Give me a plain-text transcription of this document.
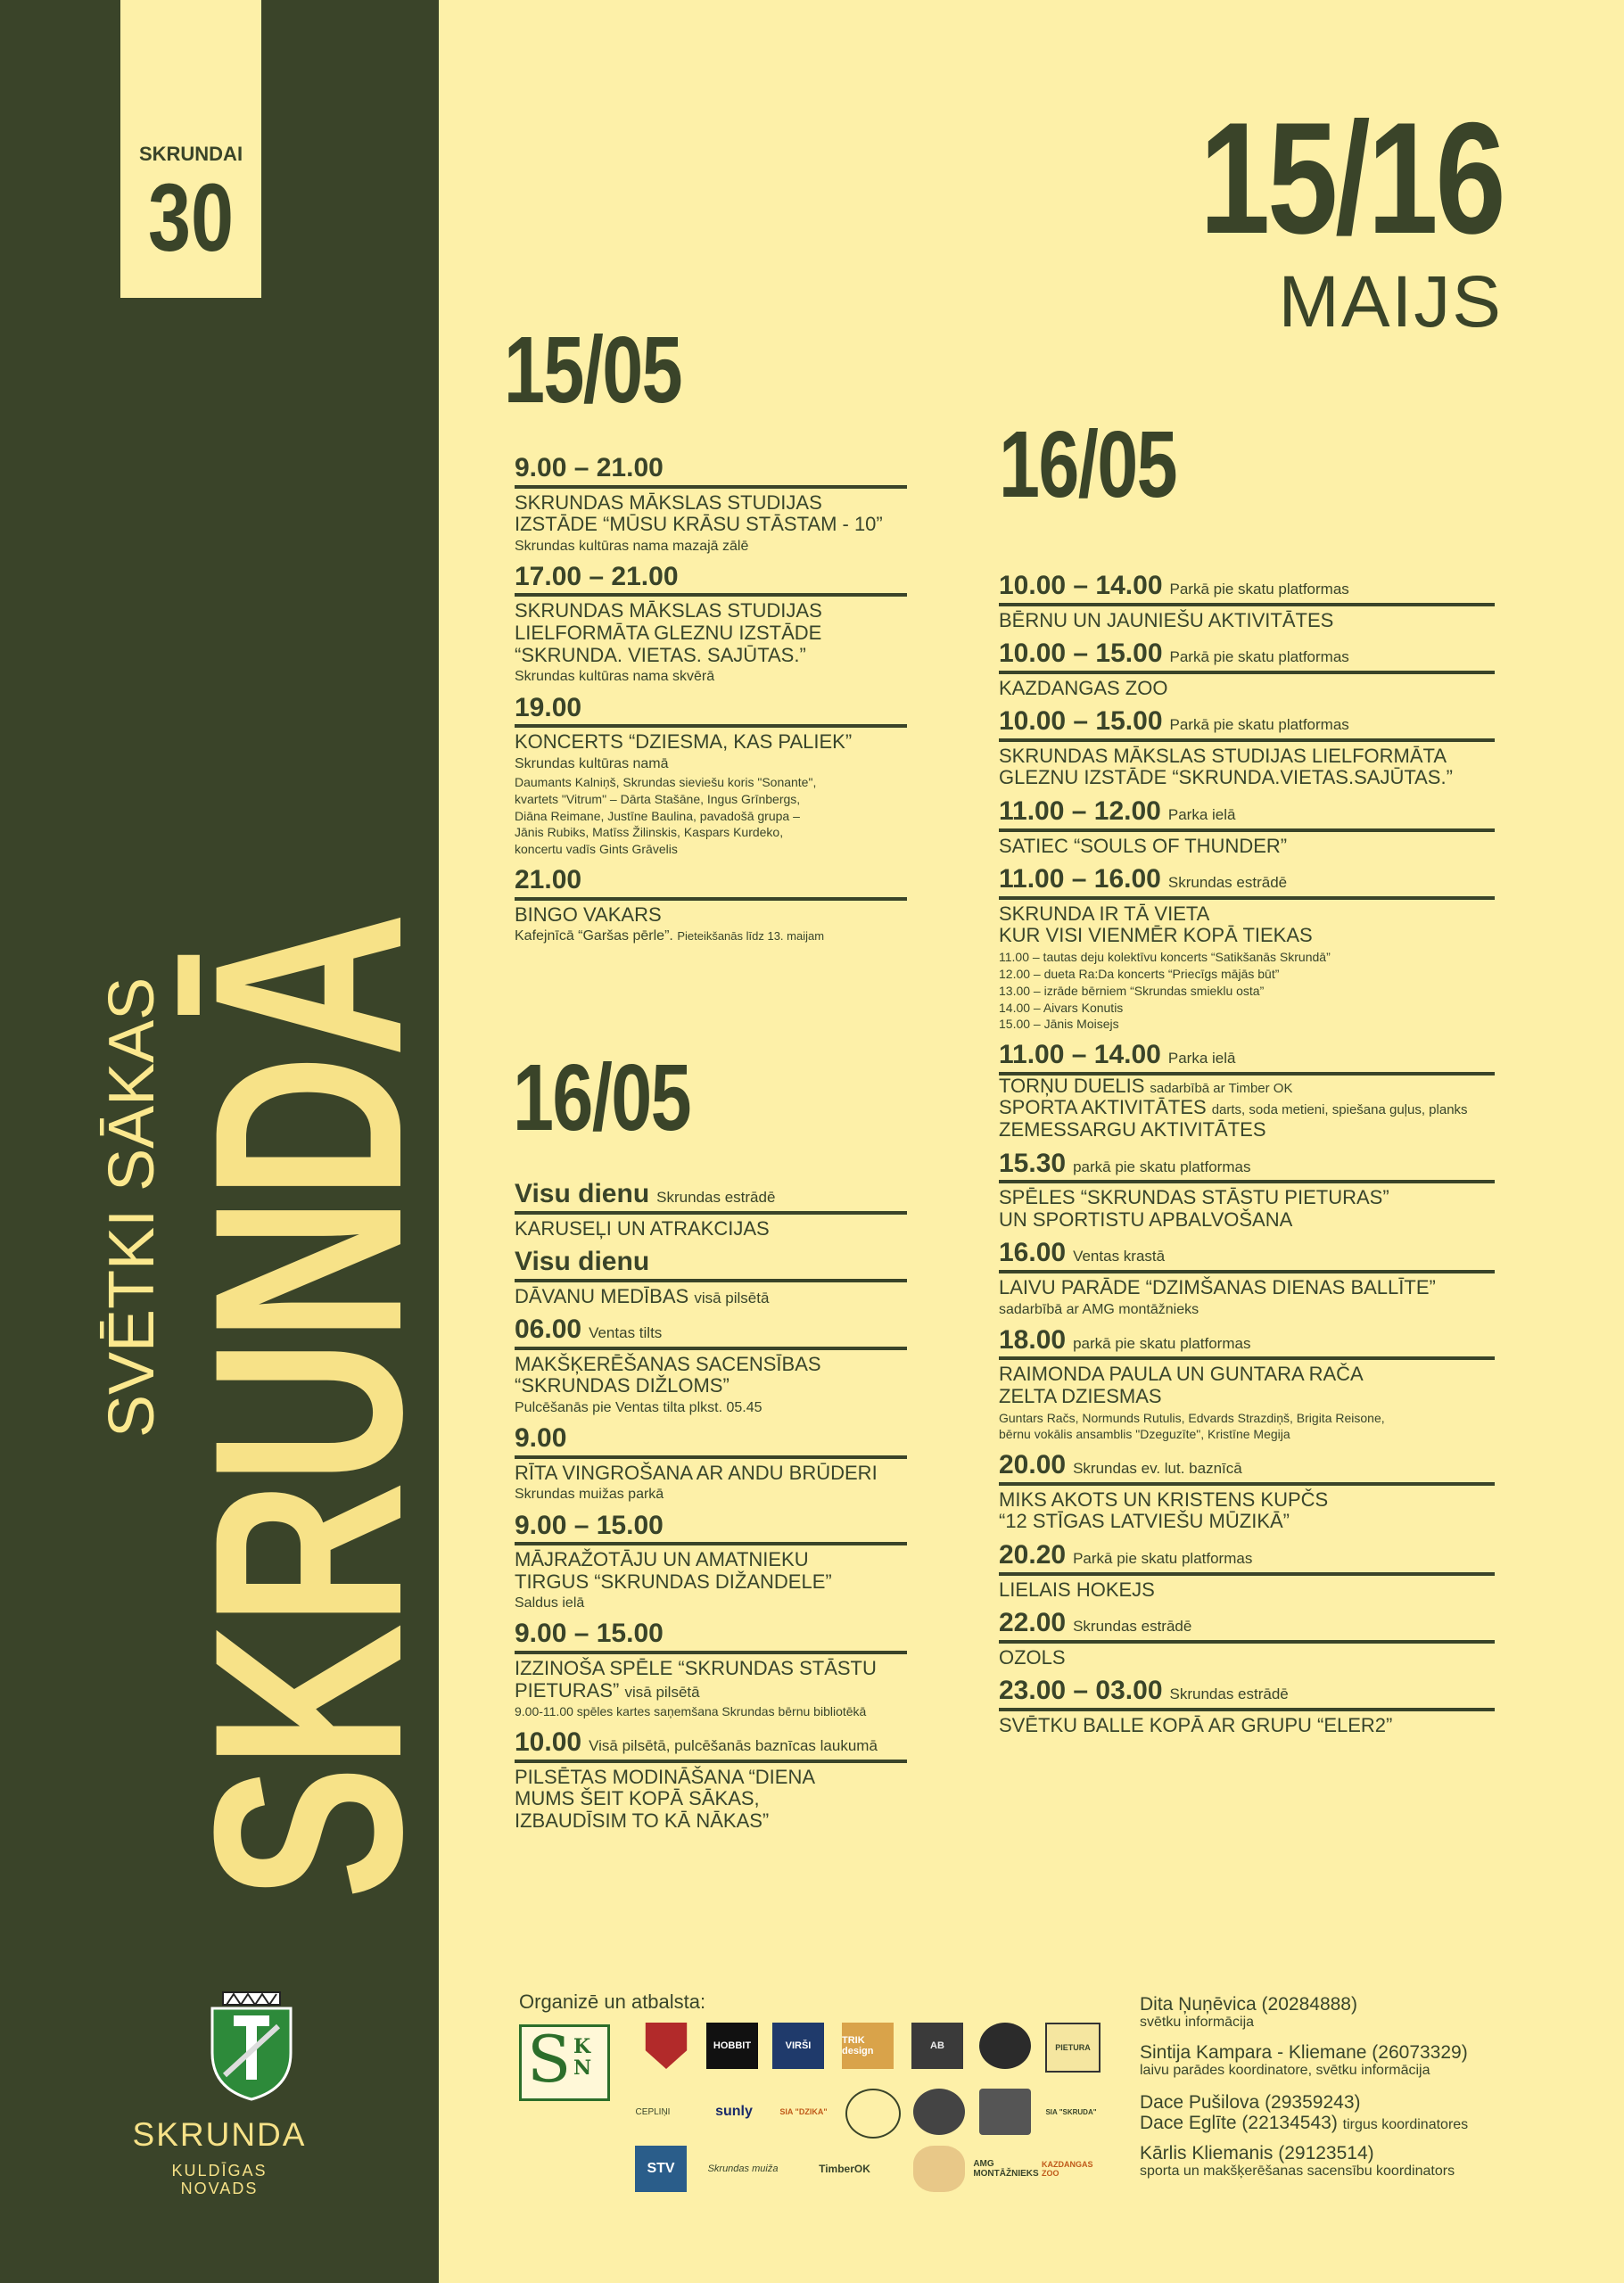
SKRUNDAI
30
SVĒTKI SĀKAS
SKRUNDĀ
SKRUNDA
KULDĪGAS
NOVADS
15/16
MAIJS
15/05
16/05
16/05
9.00 – 21.00
SKRUNDAS MĀKSLAS STUDIJAS
IZSTĀDE “MŪSU KRĀSU STĀSTAM - 10”
Skrundas kultūras nama mazajā zālē
17.00 – 21.00
SKRUNDAS MĀKSLAS STUDIJAS
LIELFORMĀTA GLEZNU IZSTĀDE
“SKRUNDA. VIETAS. SAJŪTAS.”
Skrundas kultūras nama skvērā
19.00
KONCERTS “DZIESMA, KAS PALIEK”
Skrundas kultūras namā
Daumants Kalniņš, Skrundas sieviešu koris "Sonante",
kvartets "Vitrum" – Dārta Stašāne, Ingus Grīnbergs,
Diāna Reimane, Justīne Baulina, pavadošā grupa –
Jānis Rubiks, Matīss Žilinskis, Kaspars Kurdeko,
koncertu vadīs Gints Grāvelis
21.00
BINGO VAKARS
Kafejnīcā “Garšas pērle”. Pieteikšanās līdz 13. maijam
Visu dienu Skrundas estrādē
KARUSEĻI UN ATRAKCIJAS
Visu dienu
DĀVANU MEDĪBAS visā pilsētā
06.00 Ventas tilts
MAKŠĶERĒŠANAS SACENSĪBAS
“SKRUNDAS DIŽLOMS”
Pulcēšanās pie Ventas tilta plkst. 05.45
9.00
RĪTA VINGROŠANA AR ANDU BRŪDERI
Skrundas muižas parkā
9.00 – 15.00
MĀJRAŽOTĀJU UN AMATNIEKU
TIRGUS “SKRUNDAS DIŽANDELE”
Saldus ielā
9.00 – 15.00
IZZINOŠA SPĒLE “SKRUNDAS STĀSTU
PIETURAS” visā pilsētā
9.00-11.00 spēles kartes saņemšana Skrundas bērnu bibliotēkā
10.00 Visā pilsētā, pulcēšanās baznīcas laukumā
PILSĒTAS MODINĀŠANA “DIENA
MUMS ŠEIT KOPĀ SĀKAS,
IZBAUDĪSIM TO KĀ NĀKAS”
10.00 – 14.00 Parkā pie skatu platformas
BĒRNU UN JAUNIEŠU AKTIVITĀTES
10.00 – 15.00 Parkā pie skatu platformas
KAZDANGAS ZOO
10.00 – 15.00 Parkā pie skatu platformas
SKRUNDAS MĀKSLAS STUDIJAS LIELFORMĀTA
GLEZNU IZSTĀDE “SKRUNDA.VIETAS.SAJŪTAS.”
11.00 – 12.00 Parka ielā
SATIEC “SOULS OF THUNDER”
11.00 – 16.00 Skrundas estrādē
SKRUNDA IR TĀ VIETA
KUR VISI VIENMĒR KOPĀ TIEKAS
11.00 – tautas deju kolektīvu koncerts “Satikšanās Skrundā”
12.00 – dueta Ra:Da koncerts “Priecīgs mājās būt”
13.00 – izrāde bērniem “Skrundas smieklu osta”
14.00 – Aivars Konutis
15.00 – Jānis Moisejs
11.00 – 14.00 Parka ielā
TORŅU DUELIS sadarbībā ar Timber OK
SPORTA AKTIVITĀTES darts, soda metieni, spiešana guļus, planks
ZEMESSARGU AKTIVITĀTES
15.30 parkā pie skatu platformas
SPĒLES “SKRUNDAS STĀSTU PIETURAS”
UN SPORTISTU APBALVOŠANA
16.00 Ventas krastā
LAIVU PARĀDE “DZIMŠANAS DIENAS BALLĪTE”
sadarbībā ar AMG montāžnieks
18.00 parkā pie skatu platformas
RAIMONDA PAULA UN GUNTARA RAČA
ZELTA DZIESMAS
Guntars Račs, Normunds Rutulis, Edvards Strazdiņš, Brigita Reisone,
bērnu vokālis ansamblis "Dzeguzīte", Kristīne Megija
20.00 Skrundas ev. lut. baznīcā
MIKS AKOTS UN KRISTENS KUPČS
“12 STĪGAS LATVIEŠU MŪZIKĀ”
20.20 Parkā pie skatu platformas
LIELAIS HOKEJS
22.00 Skrundas estrādē
OZOLS
23.00 – 03.00 Skrundas estrādē
SVĒTKU BALLE KOPĀ AR GRUPU “ELER2”
Organizē un atbalsta:
S K
N
HOBBIT	VIRŠI	TRIK design	AB	PIETURA
CEPLIŅI	sunly	SIA "DZIKA"	SIA "SKRUDA"
STV	Skrundas muiža	TimberOK	AMG MONTĀŽNIEKS
KAZDANGAS ZOO
Dita Ņuņēvica (20284888)
svētku informācija
Sintija Kampara - Kliemane (26073329)
laivu parādes koordinatore, svētku informācija
Dace Pušilova (29359243)
Dace Eglīte (22134543) tirgus koordinatores
Kārlis Kliemanis (29123514)
sporta un makšķerēšanas sacensību koordinators
